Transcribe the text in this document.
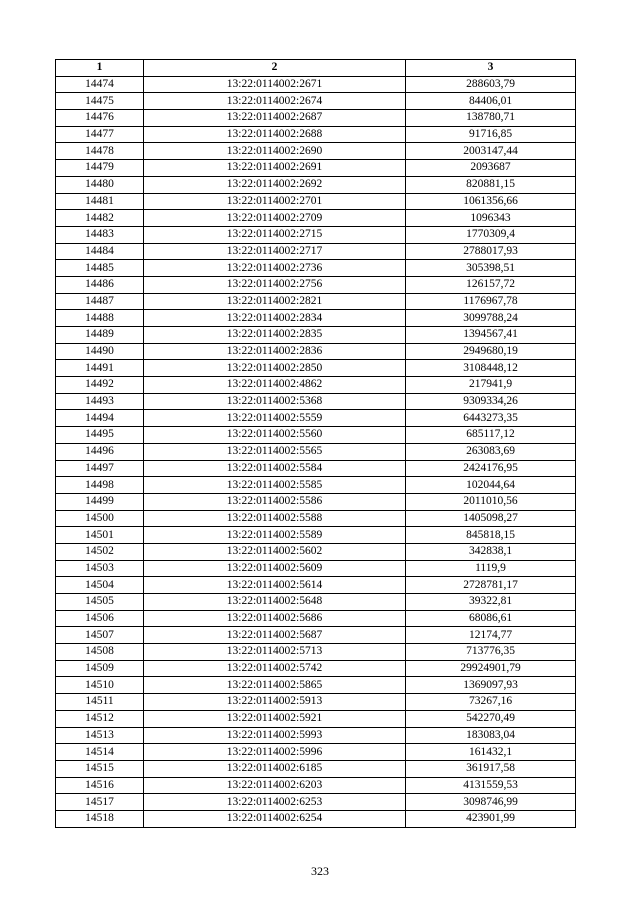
1	2	3
14474	13:22:0114002:2671	288603,79
14475	13:22:0114002:2674	84406,01
14476	13:22:0114002:2687	138780,71
14477	13:22:0114002:2688	91716,85
14478	13:22:0114002:2690	2003147,44
14479	13:22:0114002:2691	2093687
14480	13:22:0114002:2692	820881,15
14481	13:22:0114002:2701	1061356,66
14482	13:22:0114002:2709	1096343
14483	13:22:0114002:2715	1770309,4
14484	13:22:0114002:2717	2788017,93
14485	13:22:0114002:2736	305398,51
14486	13:22:0114002:2756	126157,72
14487	13:22:0114002:2821	1176967,78
14488	13:22:0114002:2834	3099788,24
14489	13:22:0114002:2835	1394567,41
14490	13:22:0114002:2836	2949680,19
14491	13:22:0114002:2850	3108448,12
14492	13:22:0114002:4862	217941,9
14493	13:22:0114002:5368	9309334,26
14494	13:22:0114002:5559	6443273,35
14495	13:22:0114002:5560	685117,12
14496	13:22:0114002:5565	263083,69
14497	13:22:0114002:5584	2424176,95
14498	13:22:0114002:5585	102044,64
14499	13:22:0114002:5586	2011010,56
14500	13:22:0114002:5588	1405098,27
14501	13:22:0114002:5589	845818,15
14502	13:22:0114002:5602	342838,1
14503	13:22:0114002:5609	1119,9
14504	13:22:0114002:5614	2728781,17
14505	13:22:0114002:5648	39322,81
14506	13:22:0114002:5686	68086,61
14507	13:22:0114002:5687	12174,77
14508	13:22:0114002:5713	713776,35
14509	13:22:0114002:5742	29924901,79
14510	13:22:0114002:5865	1369097,93
14511	13:22:0114002:5913	73267,16
14512	13:22:0114002:5921	542270,49
14513	13:22:0114002:5993	183083,04
14514	13:22:0114002:5996	161432,1
14515	13:22:0114002:6185	361917,58
14516	13:22:0114002:6203	4131559,53
14517	13:22:0114002:6253	3098746,99
14518	13:22:0114002:6254	423901,99
323
